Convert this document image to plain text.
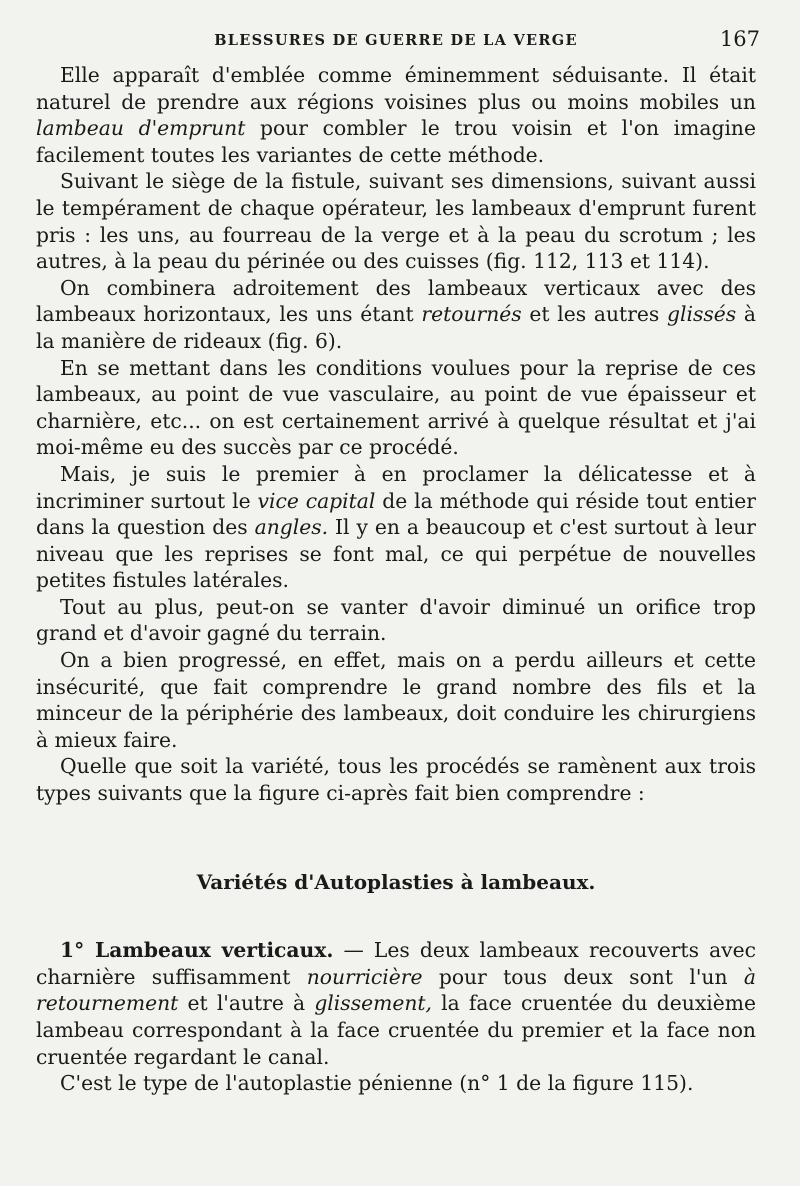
BLESSURES DE GUERRE DE LA VERGE	167

Elle apparaît d'emblée comme éminemment séduisante. Il était naturel de prendre aux régions voisines plus ou moins mobiles un lambeau d'emprunt pour combler le trou voisin et l'on imagine facilement toutes les variantes de cette méthode.

Suivant le siège de la fistule, suivant ses dimensions, suivant aussi le tempérament de chaque opérateur, les lambeaux d'emprunt furent pris : les uns, au fourreau de la verge et à la peau du scrotum ; les autres, à la peau du périnée ou des cuisses (fig. 112, 113 et 114).

On combinera adroitement des lambeaux verticaux avec des lambeaux horizontaux, les uns étant retournés et les autres glissés à la manière de rideaux (fig. 6).

En se mettant dans les conditions voulues pour la reprise de ces lambeaux, au point de vue vasculaire, au point de vue épaisseur et charnière, etc... on est certainement arrivé à quelque résultat et j'ai moi-même eu des succès par ce procédé.

Mais, je suis le premier à en proclamer la délicatesse et à incriminer surtout le vice capital de la méthode qui réside tout entier dans la question des angles. Il y en a beaucoup et c'est surtout à leur niveau que les reprises se font mal, ce qui perpétue de nouvelles petites fistules latérales.

Tout au plus, peut-on se vanter d'avoir diminué un orifice trop grand et d'avoir gagné du terrain.

On a bien progressé, en effet, mais on a perdu ailleurs et cette insécurité, que fait comprendre le grand nombre des fils et la minceur de la périphérie des lambeaux, doit conduire les chirurgiens à mieux faire.

Quelle que soit la variété, tous les procédés se ramènent aux trois types suivants que la figure ci-après fait bien comprendre :

Variétés d'Autoplasties à lambeaux.

1° Lambeaux verticaux. — Les deux lambeaux recouverts avec charnière suffisamment nourricière pour tous deux sont l'un à retournement et l'autre à glissement, la face cruentée du deuxième lambeau correspondant à la face cruentée du premier et la face non cruentée regardant le canal.

C'est le type de l'autoplastie pénienne (n° 1 de la figure 115).
